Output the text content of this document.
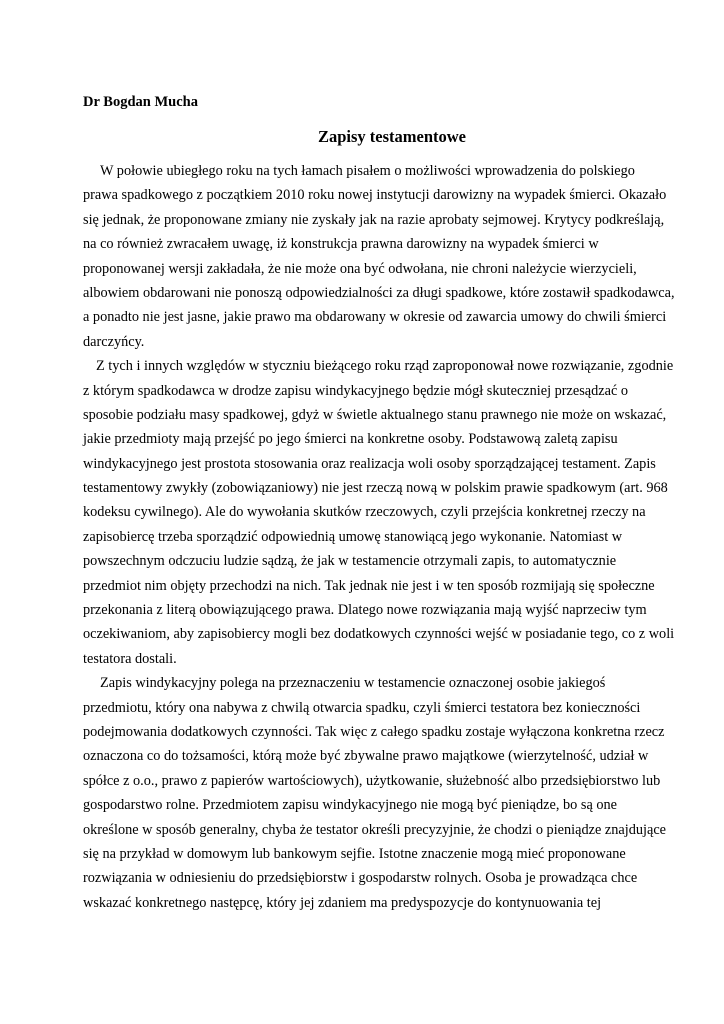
Dr Bogdan Mucha
Zapisy testamentowe
W połowie ubiegłego roku na tych łamach pisałem o możliwości wprowadzenia do polskiego
prawa spadkowego z początkiem 2010 roku nowej instytucji darowizny na wypadek śmierci. Okazało
się jednak, że proponowane zmiany nie zyskały jak na razie aprobaty sejmowej. Krytycy podkreślają,
na co również zwracałem uwagę, iż konstrukcja prawna darowizny na wypadek śmierci w
proponowanej wersji zakładała, że nie może ona być odwołana, nie chroni należycie wierzycieli,
albowiem obdarowani nie ponoszą odpowiedzialności za długi spadkowe, które zostawił spadkodawca,
a ponadto nie jest jasne, jakie prawo ma obdarowany w okresie od zawarcia umowy do chwili śmierci
darczyńcy.
Z tych i innych względów w styczniu bieżącego roku rząd zaproponował nowe rozwiązanie, zgodnie
z którym spadkodawca w drodze zapisu windykacyjnego będzie mógł skuteczniej przesądzać o
sposobie podziału masy spadkowej, gdyż w świetle aktualnego stanu prawnego nie może on wskazać,
jakie przedmioty mają przejść po jego śmierci na konkretne osoby. Podstawową zaletą zapisu
windykacyjnego jest prostota stosowania oraz realizacja woli osoby sporządzającej testament. Zapis
testamentowy zwykły (zobowiązaniowy) nie jest rzeczą nową w polskim prawie spadkowym (art. 968
kodeksu cywilnego). Ale do wywołania skutków rzeczowych, czyli przejścia konkretnej rzeczy na
zapisobiercę trzeba sporządzić odpowiednią umowę stanowiącą jego wykonanie. Natomiast w
powszechnym odczuciu ludzie sądzą, że jak w testamencie otrzymali zapis, to automatycznie
przedmiot nim objęty przechodzi na nich. Tak jednak nie jest i w ten sposób rozmijają się społeczne
przekonania z literą obowiązującego prawa. Dlatego nowe rozwiązania mają wyjść naprzeciw tym
oczekiwaniom, aby zapisobiercy mogli bez dodatkowych czynności wejść w posiadanie tego, co z woli
testatora dostali.
Zapis windykacyjny polega na przeznaczeniu w testamencie oznaczonej osobie jakiegoś
przedmiotu, który ona nabywa z chwilą otwarcia spadku, czyli śmierci testatora bez konieczności
podejmowania dodatkowych czynności. Tak więc z całego spadku zostaje wyłączona konkretna rzecz
oznaczona co do tożsamości, którą może być zbywalne prawo majątkowe (wierzytelność, udział w
spółce z o.o., prawo z papierów wartościowych), użytkowanie, służebność albo przedsiębiorstwo lub
gospodarstwo rolne. Przedmiotem zapisu windykacyjnego nie mogą być pieniądze, bo są one
określone w sposób generalny, chyba że testator określi precyzyjnie, że chodzi o pieniądze znajdujące
się na przykład w domowym lub bankowym sejfie. Istotne znaczenie mogą mieć proponowane
rozwiązania w odniesieniu do przedsiębiorstw i gospodarstw rolnych. Osoba je prowadząca chce
wskazać konkretnego następcę, który jej zdaniem ma predyspozycje do kontynuowania tej
